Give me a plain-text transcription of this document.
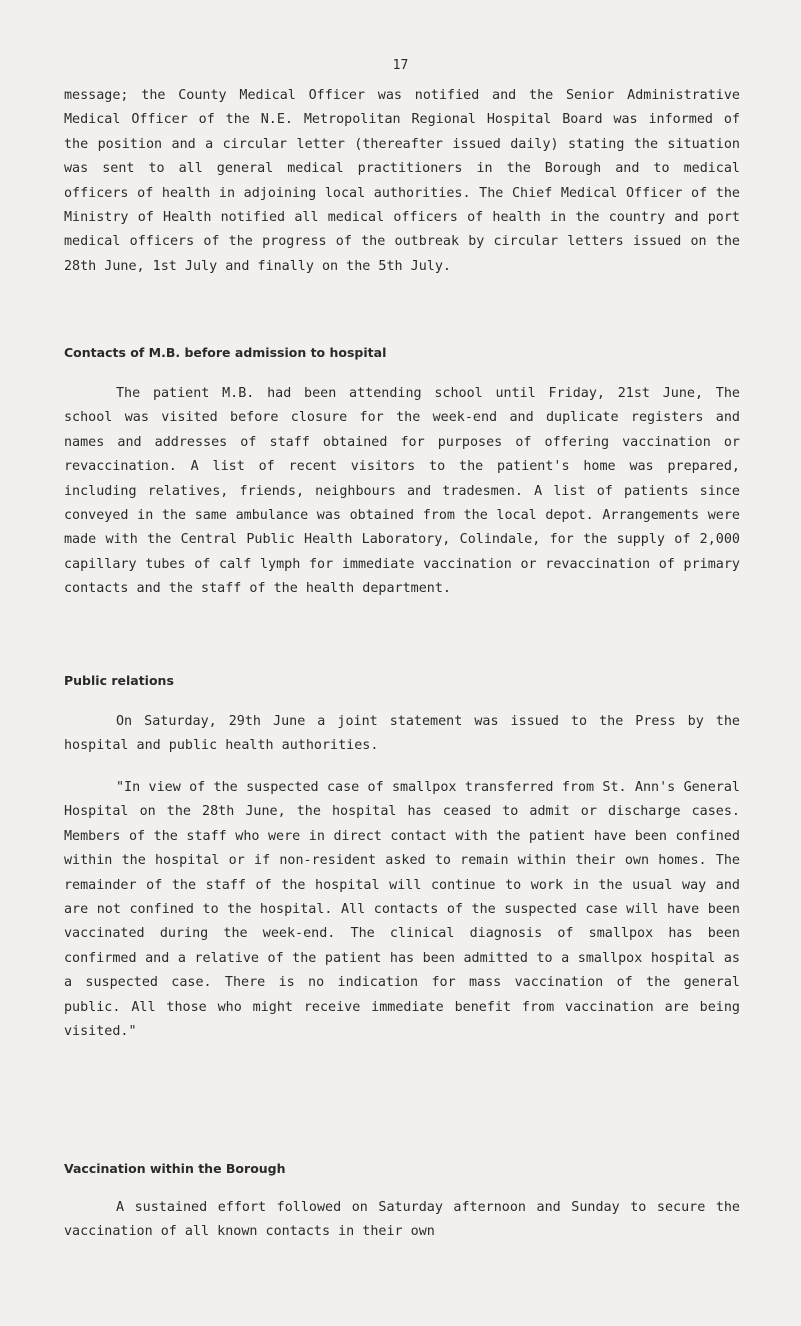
17

message; the County Medical Officer was notified and the Senior Administrative Medical Officer of the N.E. Metropolitan Regional Hospital Board was informed of the position and a circular letter (thereafter issued daily) stating the situation was sent to all general medical practitioners in the Borough and to medical officers of health in adjoining local authorities. The Chief Medical Officer of the Ministry of Health notified all medical officers of health in the country and port medical officers of the progress of the outbreak by circular letters issued on the 28th June, 1st July and finally on the 5th July.

Contacts of M.B. before admission to hospital

The patient M.B. had been attending school until Friday, 21st June, The school was visited before closure for the week-end and duplicate registers and names and addresses of staff obtained for purposes of offering vaccination or revaccination. A list of recent visitors to the patient's home was prepared, including relatives, friends, neighbours and tradesmen. A list of patients since conveyed in the same ambulance was obtained from the local depot. Arrangements were made with the Central Public Health Laboratory, Colindale, for the supply of 2,000 capillary tubes of calf lymph for immediate vaccination or revaccination of primary contacts and the staff of the health department.

Public relations

On Saturday, 29th June a joint statement was issued to the Press by the hospital and public health authorities.

"In view of the suspected case of smallpox transferred from St. Ann's General Hospital on the 28th June, the hospital has ceased to admit or discharge cases. Members of the staff who were in direct contact with the patient have been confined within the hospital or if non-resident asked to remain within their own homes. The remainder of the staff of the hospital will continue to work in the usual way and are not confined to the hospital. All contacts of the suspected case will have been vaccinated during the week-end. The clinical diagnosis of smallpox has been confirmed and a relative of the patient has been admitted to a smallpox hospital as a suspected case. There is no indication for mass vaccination of the general public. All those who might receive immediate benefit from vaccination are being visited."

Vaccination within the Borough

A sustained effort followed on Saturday afternoon and Sunday to secure the vaccination of all known contacts in their own
